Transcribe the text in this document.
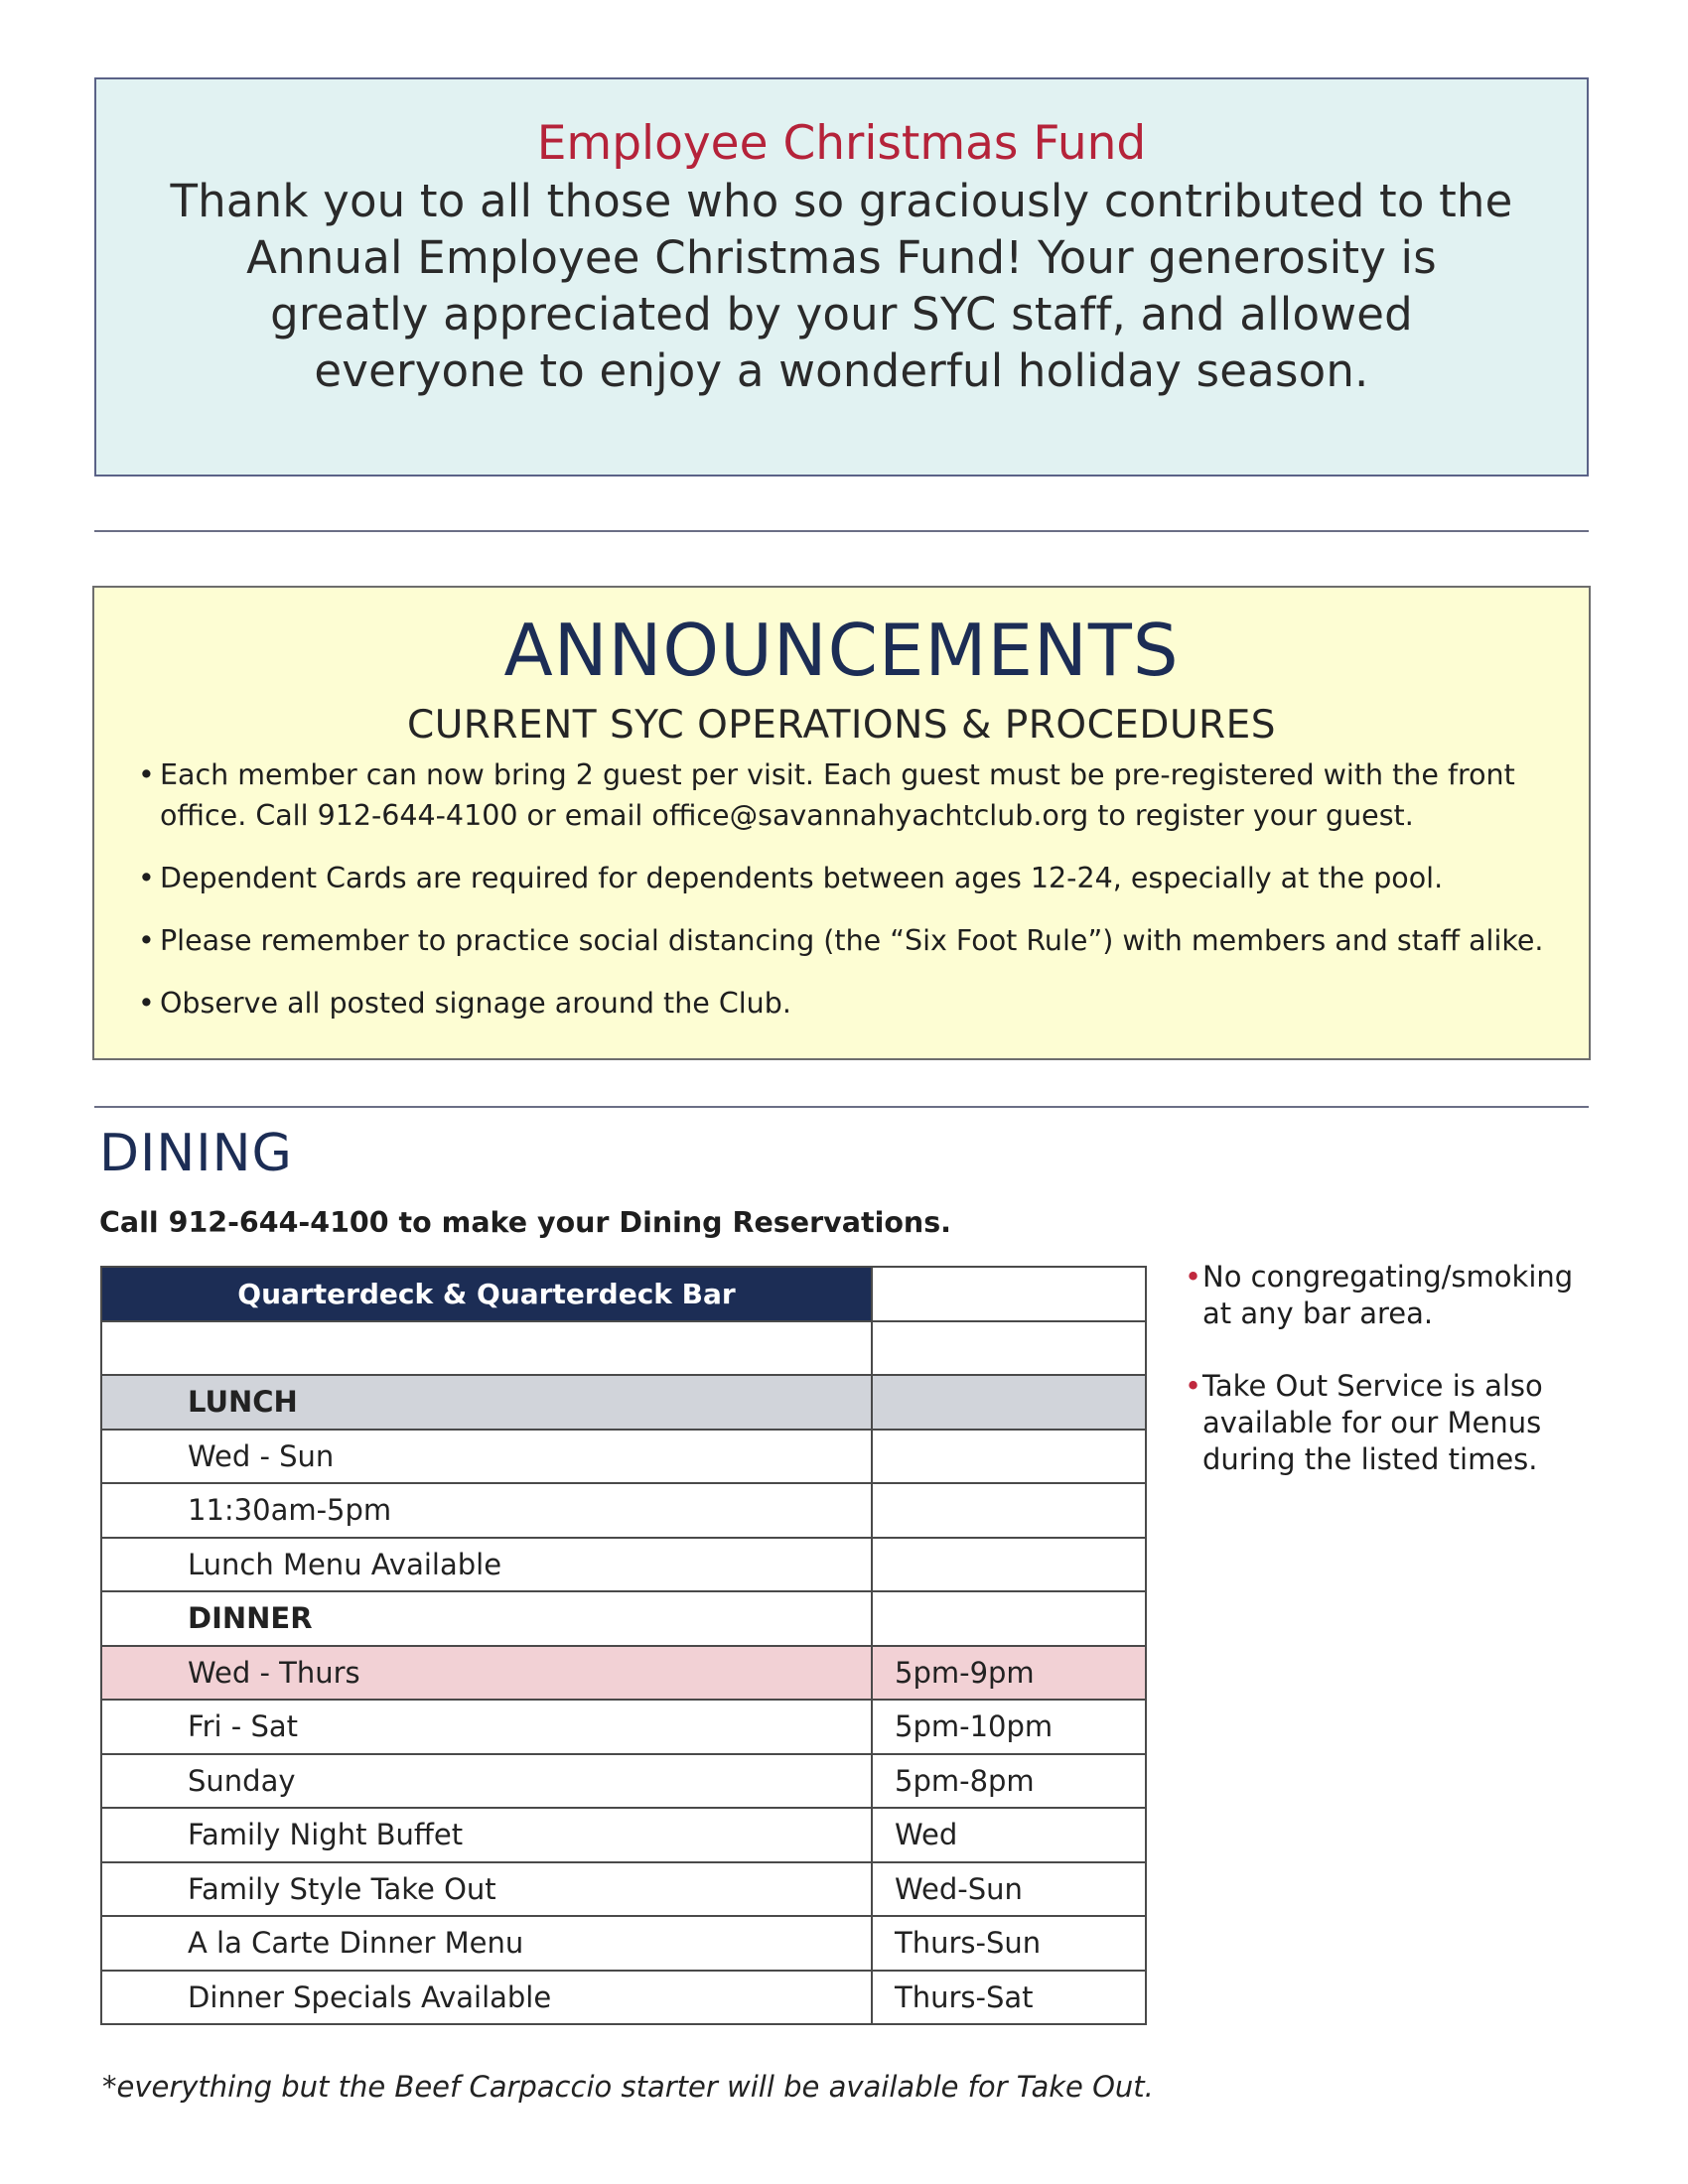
Employee Christmas Fund
Thank you to all those who so graciously contributed to the Annual Employee Christmas Fund! Your generosity is greatly appreciated by your SYC staff, and allowed everyone to enjoy a wonderful holiday season.
ANNOUNCEMENTS
CURRENT SYC OPERATIONS & PROCEDURES
• Each member can now bring 2 guest per visit. Each guest must be pre-registered with the front office. Call 912-644-4100 or email office@savannahyachtclub.org to register your guest.
• Dependent Cards are required for dependents between ages 12-24, especially at the pool.
• Please remember to practice social distancing (the “Six Foot Rule”) with members and staff alike.
• Observe all posted signage around the Club.
DINING
Call 912-644-4100 to make your Dining Reservations.
Quarterdeck & Quarterdeck Bar	

LUNCH	
Wed - Sun	
11:30am-5pm	
Lunch Menu Available	
DINNER	
Wed - Thurs	5pm-9pm
Fri - Sat	5pm-10pm
Sunday	5pm-8pm
Family Night Buffet	Wed
Family Style Take Out	Wed-Sun
A la Carte Dinner Menu	Thurs-Sun
Dinner Specials Available	Thurs-Sat
*everything but the Beef Carpaccio starter will be available for Take Out.
• No congregating/smoking at any bar area.
• Take Out Service is also available for our Menus during the listed times.
